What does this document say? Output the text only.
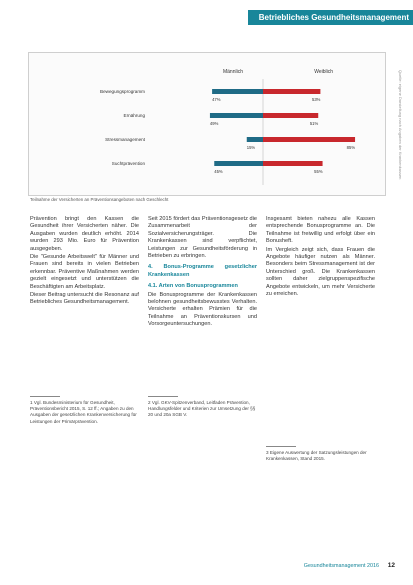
Betriebliches Gesundheitsmanagement
Männlich	Weiblich
Bewegungsprogramm
47%	53%
Ernährung
49%	51%
Stressmanagement
15%	85%
Suchtprävention
45%	55%
Teilnahme der Versicherten an Präventionsangeboten nach Geschlecht
Quelle: eigene Darstellung nach Angaben der Krankenkassen

Prävention bringt den Kassen die Gesundheit ihrer Versicherten näher. Die Ausgaben wurden deutlich erhöht. 2014 wurden 293 Mio. Euro für Prävention ausgegeben.

Die "Gesunde Arbeitswelt" für Männer und Frauen sind bereits in vielen Betrieben erkennbar. Präventive Maßnahmen werden gezielt eingesetzt und unterstützen die Beschäftigten am Arbeitsplatz.

Dieser Beitrag untersucht die Resonanz auf Betriebliches Gesundheitsmanagement.

Seit 2015 fördert das Präventionsgesetz die Zusammenarbeit der Sozialversicherungsträger. Die Krankenkassen sind verpflichtet, Leistungen zur Gesundheitsförderung in Betrieben zu erbringen.

4. Bonus-Programme gesetzlicher Krankenkassen

4.1. Arten von Bonusprogrammen

Die Bonusprogramme der Krankenkassen belohnen gesundheitsbewusstes Verhalten. Versicherte erhalten Prämien für die Teilnahme an Präventionskursen und Vorsorgeuntersuchungen.

Insgesamt bieten nahezu alle Kassen entsprechende Bonusprogramme an. Die Teilnahme ist freiwillig und erfolgt über ein Bonusheft.

Im Vergleich zeigt sich, dass Frauen die Angebote häufiger nutzen als Männer. Besonders beim Stressmanagement ist der Unterschied groß. Die Krankenkassen sollten daher zielgruppenspezifische Angebote entwickeln, um mehr Versicherte zu erreichen.

1 Vgl. Bundesministerium für Gesundheit, Präventionsbericht 2015, S. 12 ff.; Angaben zu den Ausgaben der gesetzlichen Krankenversicherung für Leistungen der Primärprävention.
2 Vgl. GKV-Spitzenverband, Leitfaden Prävention, Handlungsfelder und Kriterien zur Umsetzung der §§ 20 und 20a SGB V.
3 Eigene Auswertung der Satzungsleistungen der Krankenkassen, Stand 2015.
Gesundheitsmanagement 2016 12
